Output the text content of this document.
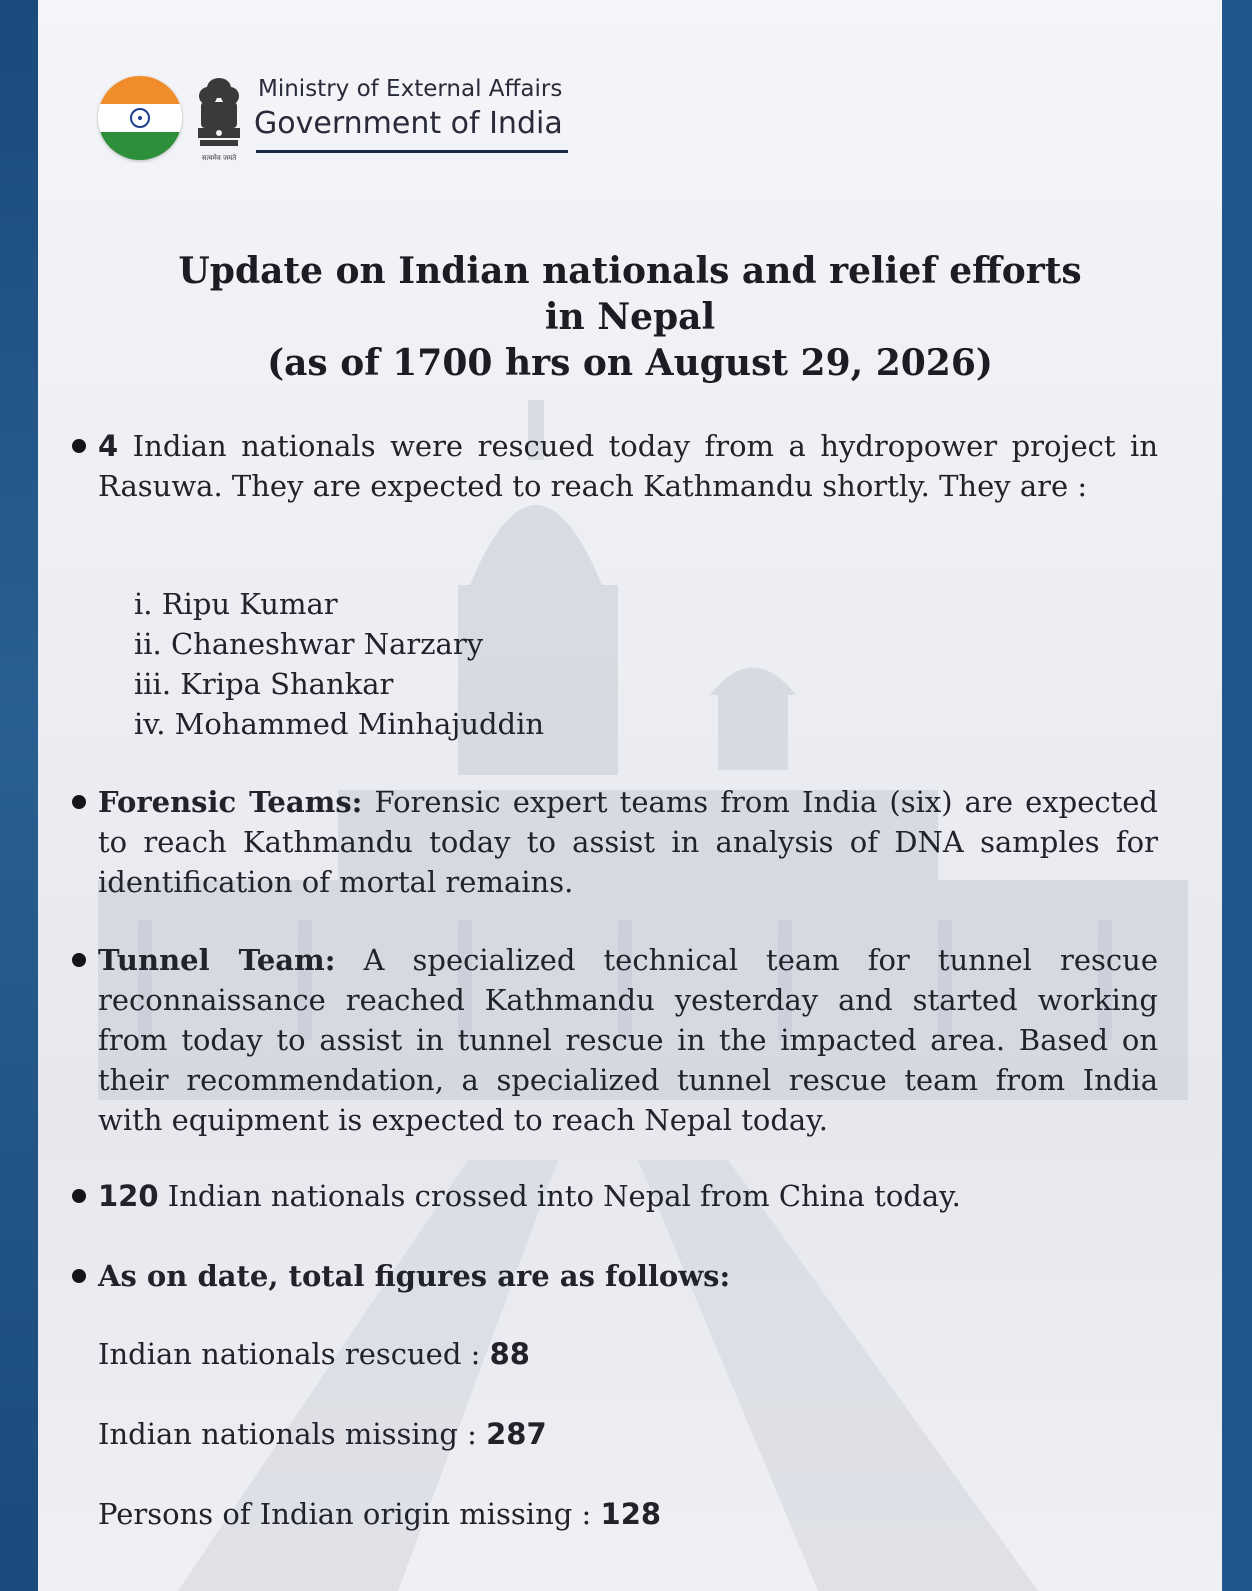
सत्यमेव जयते
Ministry of External Affairs
Government of India
Update on Indian nationals and relief efforts
in Nepal
(as of 1700 hrs on August 29, 2026)
4 Indian nationals were rescued today from a hydropower project in Rasuwa. They are expected to reach Kathmandu shortly. They are :
i. Ripu Kumar
ii. Chaneshwar Narzary
iii. Kripa Shankar
iv. Mohammed Minhajuddin
Forensic Teams: Forensic expert teams from India (six) are expected to reach Kathmandu today to assist in analysis of DNA samples for identification of mortal remains.
Tunnel Team: A specialized technical team for tunnel rescue reconnaissance reached Kathmandu yesterday and started working from today to assist in tunnel rescue in the impacted area. Based on their recommendation, a specialized tunnel rescue team from India with equipment is expected to reach Nepal today.
120 Indian nationals crossed into Nepal from China today.
As on date, total figures are as follows:
Indian nationals rescued : 88
Indian nationals missing : 287
Persons of Indian origin missing : 128
